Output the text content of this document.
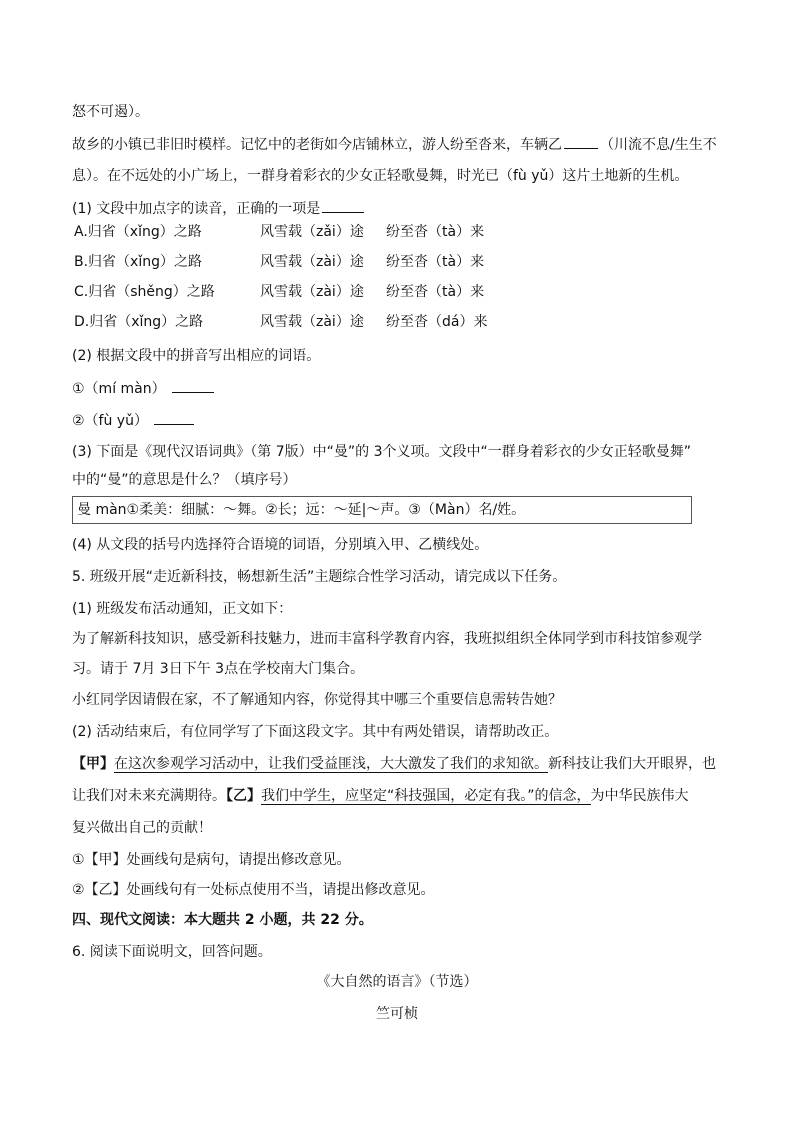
怒不可遏）。
故乡的小镇已非旧时模样。记忆中的老街如今店铺林立，游人纷至沓来，车辆乙	（川流不息/生生不
息）。在不远处的小广场上，一群身着彩衣的少女正轻歌曼舞，时光已（fù yǔ）这片土地新的生机。
(1) 文段中加点字的读音，正确的一项是
A.归省（xǐng）之路	风雪载（zǎi）途 纷至沓（tà）来
B.归省（xǐng）之路	风雪载（zài）途 纷至沓（tà）来
C.归省（shěng）之路	风雪载（zài）途 纷至沓（tà）来
D.归省（xǐng）之路	风雪载（zài）途 纷至沓（dá）来
(2) 根据文段中的拼音写出相应的词语。
①（mí màn）
②（fù yǔ）
(3) 下面是《现代汉语词典》（第 7版）中“曼”的 3个义项。文段中“一群身着彩衣的少女正轻歌曼舞”
中的“曼”的意思是什么？（填序号）
曼 màn①柔美：细腻：～舞。②长；远：～延|～声。③（Màn）名/姓。
(4) 从文段的括号内选择符合语境的词语，分别填入甲、乙横线处。
5. 班级开展“走近新科技，畅想新生活”主题综合性学习活动，请完成以下任务。
(1) 班级发布活动通知，正文如下：
为了解新科技知识，感受新科技魅力，进而丰富科学教育内容，我班拟组织全体同学到市科技馆参观学
习。请于 7月 3日下午 3点在学校南大门集合。
小红同学因请假在家，不了解通知内容，你觉得其中哪三个重要信息需转告她？
(2) 活动结束后，有位同学写了下面这段文字。其中有两处错误，请帮助改正。
【甲】在这次参观学习活动中，让我们受益匪浅，大大激发了我们的求知欲。新科技让我们大开眼界，也
让我们对未来充满期待。【乙】我们中学生，应坚定“科技强国，必定有我。”的信念，为中华民族伟大
复兴做出自己的贡献！
①【甲】处画线句是病句，请提出修改意见。
②【乙】处画线句有一处标点使用不当，请提出修改意见。
四、现代文阅读：本大题共 2 小题，共 22 分。
6. 阅读下面说明文，回答问题。
《大自然的语言》（节选）
竺可桢
